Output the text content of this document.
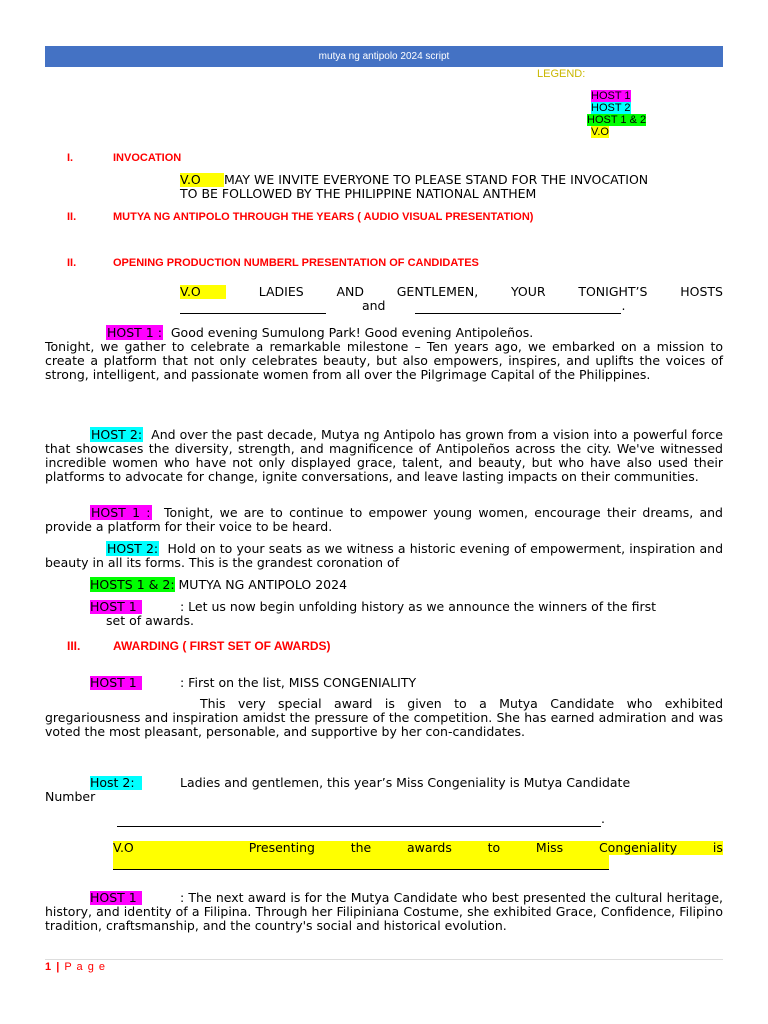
mutya ng antipolo 2024 script
LEGEND:
HOST 1
HOST 2
HOST 1 & 2
V.O
I.	INVOCATION
V.O MAY WE INVITE EVERYONE TO PLEASE STAND FOR THE INVOCATION
TO BE FOLLOWED BY THE PHILIPPINE NATIONAL ANTHEM
II.	MUTYA NG ANTIPOLO THROUGH THE YEARS ( AUDIO VISUAL PRESENTATION)
II.	OPENING PRODUCTION NUMBERL PRESENTATION OF CANDIDATES
V.O	LADIES	AND	GENTLEMEN,	YOUR	TONIGHT’S	HOSTS
and	.
HOST 1 : Good evening Sumulong Park! Good evening Antipoleños.
Tonight, we gather to celebrate a remarkable milestone – Ten years ago, we embarked on a mission to create a platform that not only celebrates beauty, but also empowers, inspires, and uplifts the voices of strong, intelligent, and passionate women from all over the Pilgrimage Capital of the Philippines.
HOST 2: And over the past decade, Mutya ng Antipolo has grown from a vision into a powerful force that showcases the diversity, strength, and magnificence of Antipoleños across the city. We've witnessed incredible women who have not only displayed grace, talent, and beauty, but who have also used their platforms to advocate for change, ignite conversations, and leave lasting impacts on their communities.
HOST 1 : Tonight, we are to continue to empower young women, encourage their dreams, and provide a platform for their voice to be heard.
HOST 2: Hold on to your seats as we witness a historic evening of empowerment, inspiration and beauty in all its forms. This is the grandest coronation of
HOSTS 1 & 2: MUTYA NG ANTIPOLO 2024
HOST 1	: Let us now begin unfolding history as we announce the winners of the first
set of awards.
III.	AWARDING ( FIRST SET OF AWARDS)
HOST 1	: First on the list, MISS CONGENIALITY
This very special award is given to a Mutya Candidate who exhibited gregariousness and inspiration amidst the pressure of the competition. She has earned admiration and was voted the most pleasant, personable, and supportive by her con-candidates.
Host 2:	Ladies and gentlemen, this year’s Miss Congeniality is Mutya Candidate
Number
.
V.O	Presenting	the	awards	to	Miss	Congeniality	is

HOST 1	: The next award is for the Mutya Candidate who best presented the cultural heritage, history, and identity of a Filipina. Through her Filipiniana Costume, she exhibited Grace, Confidence, Filipino tradition, craftsmanship, and the country's social and historical evolution.
1 | P a g e
